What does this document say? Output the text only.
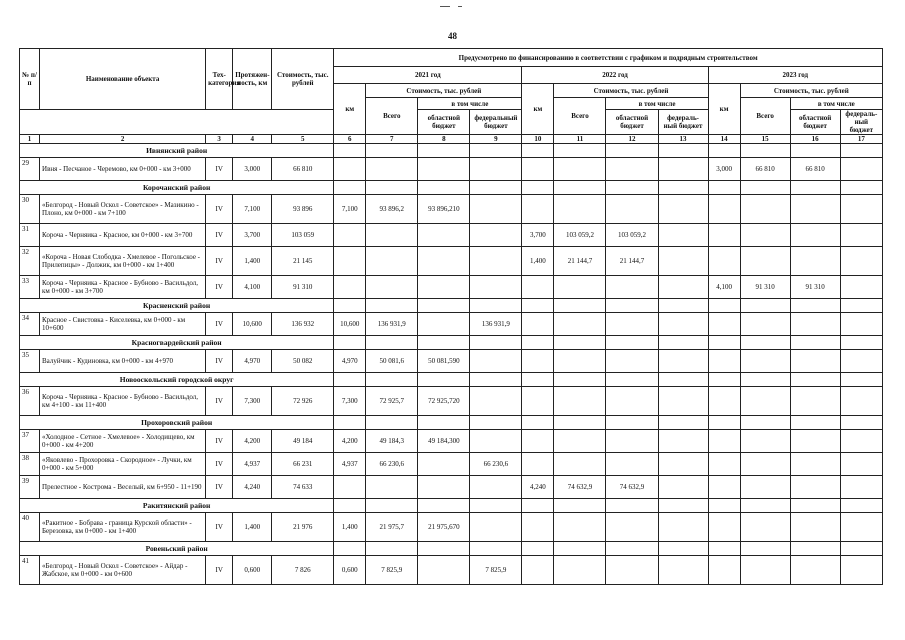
48
№ п/п	Наименование объекта	Тех- категория	Протяжен- ность, км	Стоимость, тыс. рублей	Предусмотрено по финансированию в соответствии с графиком и подрядным строительством											
					2021 год				2022 год				2023 год			
					км	Стоимость, тыс. рублей			км	Стоимость, тыс. рублей			км	Стоимость, тыс. рублей		
						Всего	в том числе			Всего	в том числе			Всего	в том числе	
							областной бюджет	федеральный бюджет			областной бюджет	федераль- ный бюджет			областной бюджет	федераль- ный бюджет
1	2	3	4	5	6	7	8	9	10	11	12	13	14	15	16	17
Ивнянский район																
29	Ивня - Песчаное - Черемово, км 0+000 - км 3+000	IV	3,000	66 810									3,000	66 810	66 810	
Корочанский район																
30	«Белгород - Новый Оскол - Советское» - Мазикино - Плоно, км 0+000 - км 7+100	IV	7,100	93 896	7,100	93 896,2	93 896,210									
31	Короча - Черняика - Красное, км 0+000 - км 3+700	IV	3,700	103 059					3,700	103 059,2	103 059,2					
32	«Короча - Новая Слободка - Хмелевое - Погольское - Прилепицы» - Должик, км 0+000 - км 1+400	IV	1,400	21 145					1,400	21 144,7	21 144,7					
33	Короча - Черняика - Красное - Бубново - Васильдол, км 0+000 - км 3+700	IV	4,100	91 310									4,100	91 310	91 310	
Красненский район																
34	Красное - Свистовка - Киселевка, км 0+000 - км 10+600	IV	10,600	136 932	10,600	136 931,9		136 931,9								
Красногвардейский район																
35	Валуйчик - Кудиновка, км 0+000 - км 4+970	IV	4,970	50 082	4,970	50 081,6	50 081,590									
Новооскольский городской округ																
36	Короча - Черняика - Красное - Бубново - Васильдол, км 4+100 - км 11+400	IV	7,300	72 926	7,300	72 925,7	72 925,720									
Прохоровский район																
37	«Холодное - Сетное - Хмелевое» - Холодищево, км 0+000 - км 4+200	IV	4,200	49 184	4,200	49 184,3	49 184,300									
38	«Яковлево - Прохоровка - Скородное» - Лучки, км 0+000 - км 5+000	IV	4,937	66 231	4,937	66 230,6		66 230,6								
39	Прелестное - Кострома - Веселый, км 6+950 - 11+190	IV	4,240	74 633					4,240	74 632,9	74 632,9					
Ракитянский район																
40	«Ракитное - Бобрава - граница Курской области» - Березовка, км 0+000 - км 1+400	IV	1,400	21 976	1,400	21 975,7	21 975,670									
Ровеньский район																
41	«Белгород - Новый Оскол - Советское» - Айдар - Жабское, км 0+000 - км 0+600	IV	0,600	7 826	0,600	7 825,9		7 825,9								
